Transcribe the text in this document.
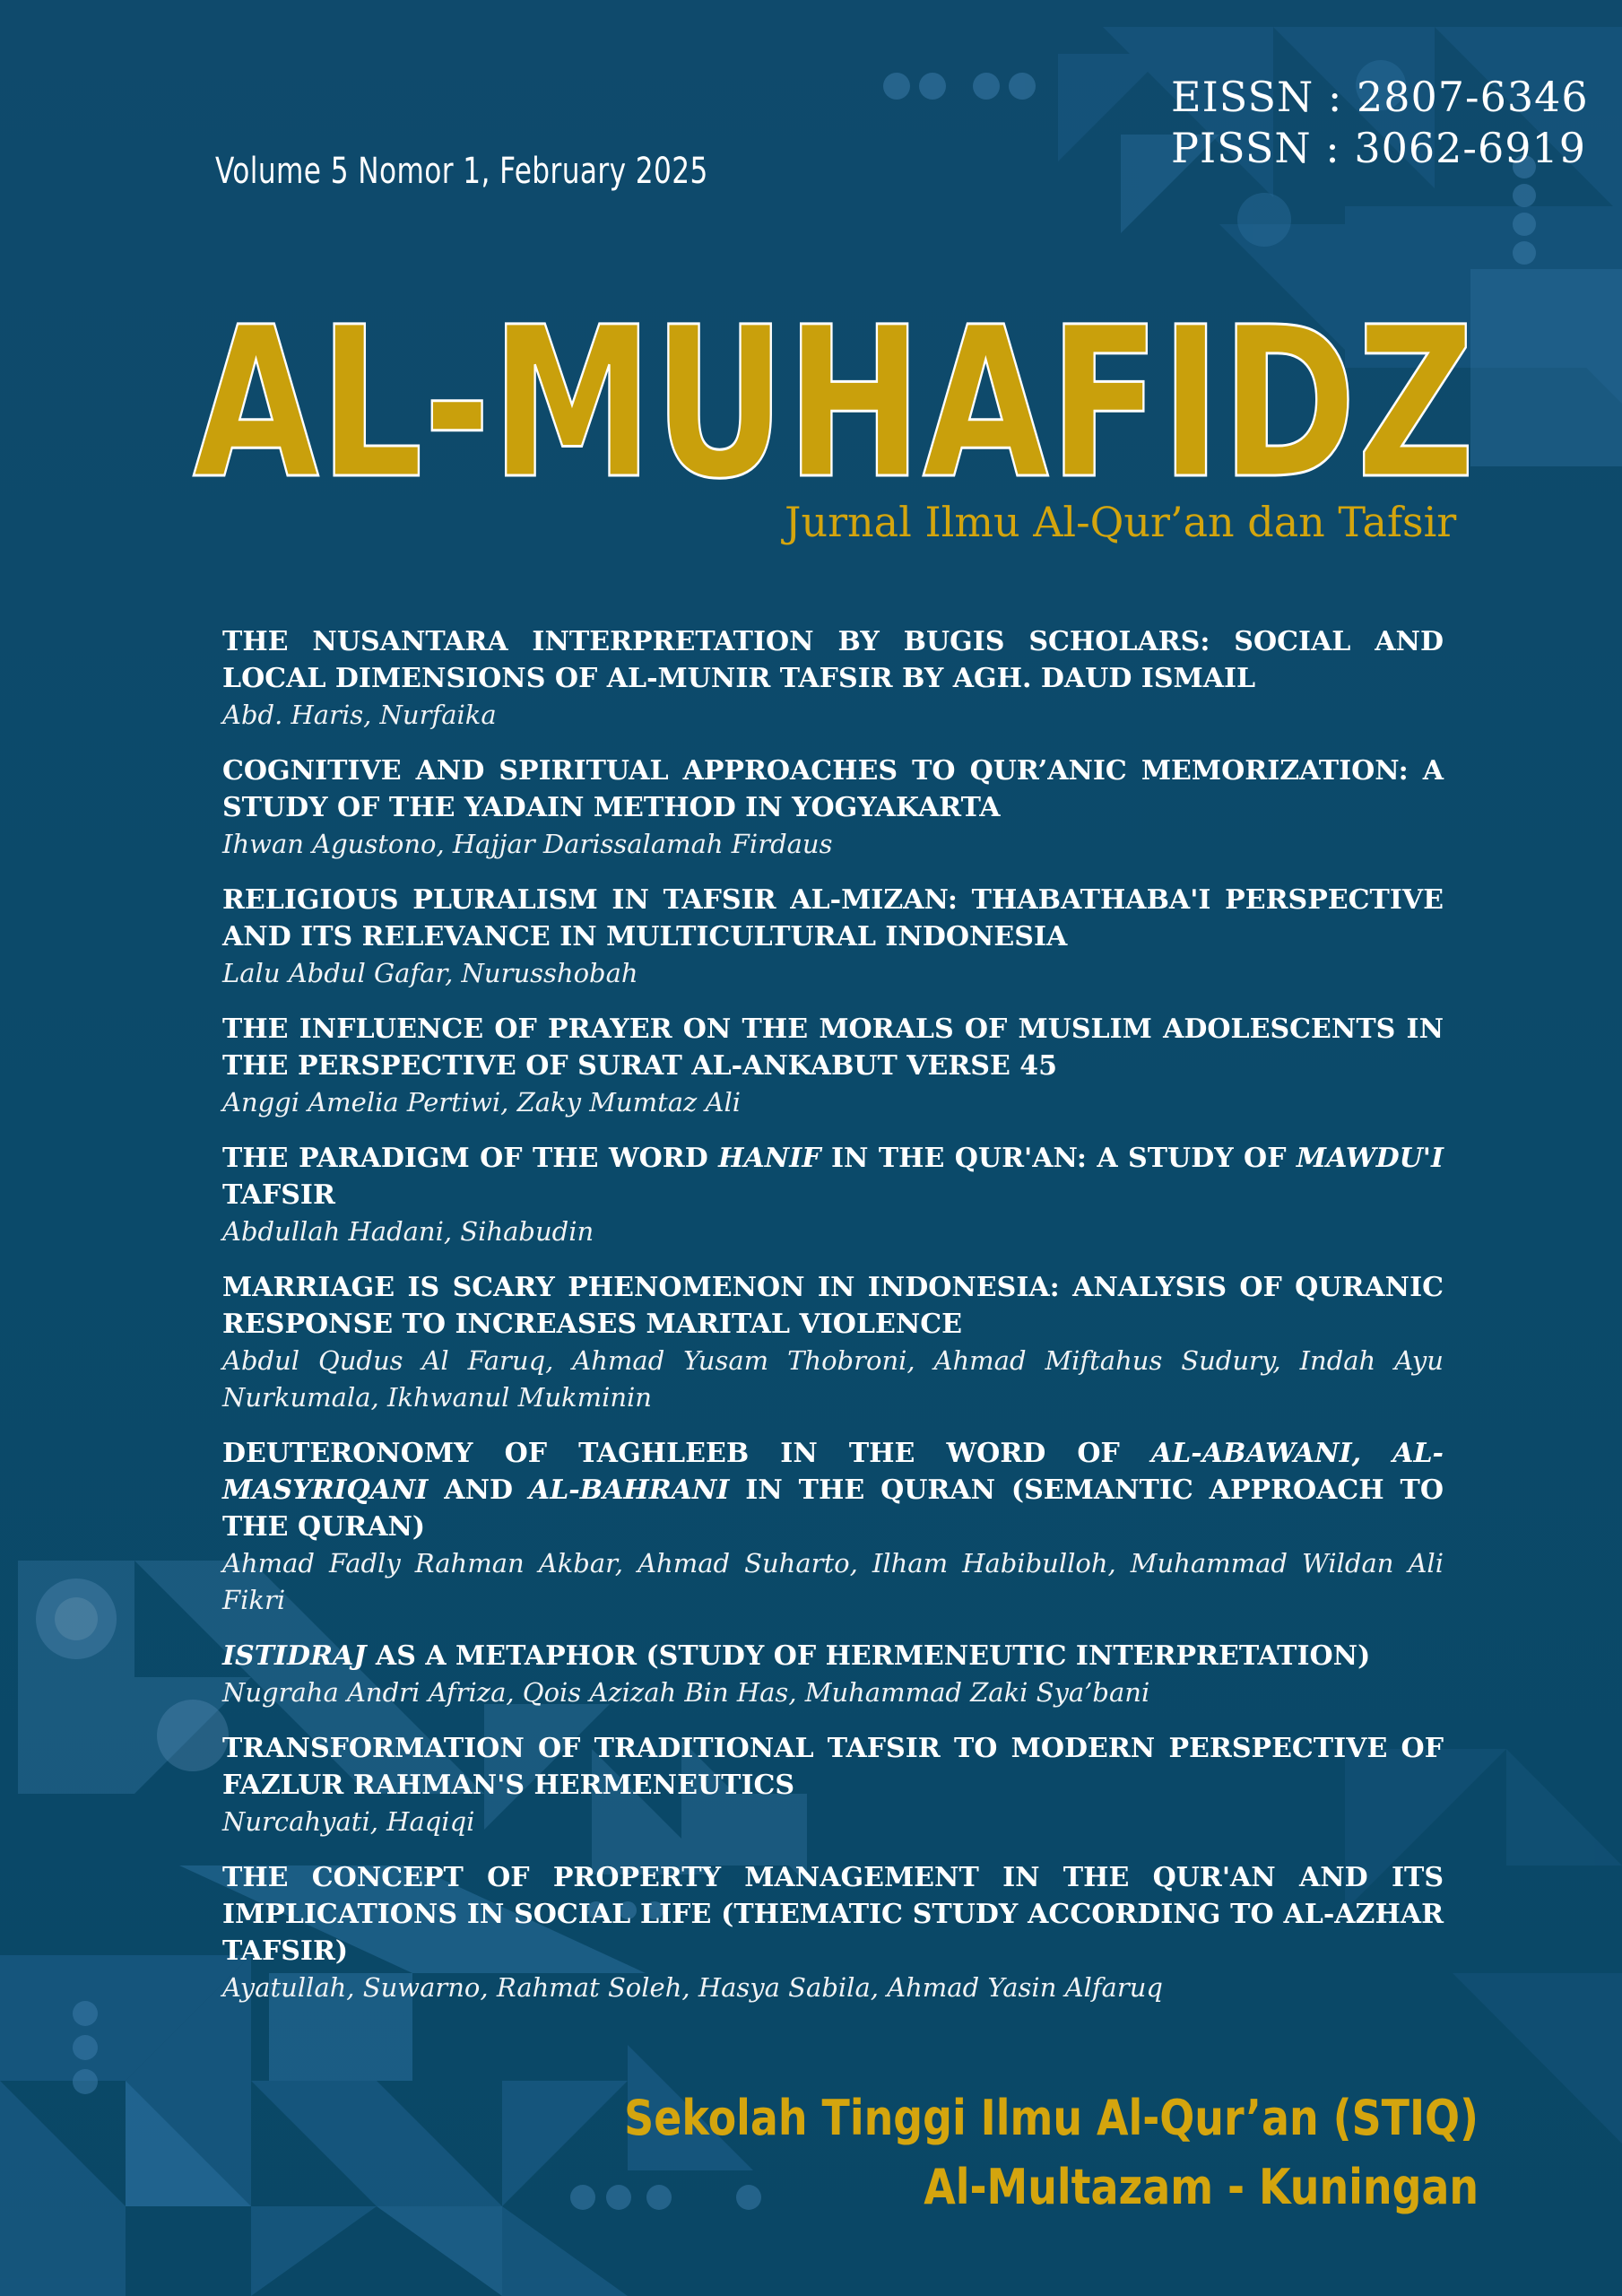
EISSN : 2807-6346
PISSN : 3062-6919
Volume 5 Nomor 1, February 2025
AL-MUHAFIDZ
Jurnal Ilmu Al-Qur’an dan Tafsir
THE NUSANTARA INTERPRETATION BY BUGIS SCHOLARS: SOCIAL AND LOCAL DIMENSIONS OF AL-MUNIR TAFSIR BY AGH. DAUD ISMAIL
Abd. Haris, Nurfaika
COGNITIVE AND SPIRITUAL APPROACHES TO QUR’ANIC MEMORIZATION: A STUDY OF THE YADAIN METHOD IN YOGYAKARTA
Ihwan Agustono, Hajjar Darissalamah Firdaus
RELIGIOUS PLURALISM IN TAFSIR AL-MIZAN: THABATHABA'I PERSPECTIVE AND ITS RELEVANCE IN MULTICULTURAL INDONESIA
Lalu Abdul Gafar, Nurusshobah
THE INFLUENCE OF PRAYER ON THE MORALS OF MUSLIM ADOLESCENTS IN THE PERSPECTIVE OF SURAT AL-ANKABUT VERSE 45
Anggi Amelia Pertiwi, Zaky Mumtaz Ali
THE PARADIGM OF THE WORD HANIF IN THE QUR'AN: A STUDY OF MAWDU'I TAFSIR
Abdullah Hadani, Sihabudin
MARRIAGE IS SCARY PHENOMENON IN INDONESIA: ANALYSIS OF QURANIC RESPONSE TO INCREASES MARITAL VIOLENCE
Abdul Qudus Al Faruq, Ahmad Yusam Thobroni, Ahmad Miftahus Sudury, Indah Ayu Nurkumala, Ikhwanul Mukminin
DEUTERONOMY OF TAGHLEEB IN THE WORD OF AL-ABAWANI, AL-MASYRIQANI AND AL-BAHRANI IN THE QURAN (SEMANTIC APPROACH TO THE QURAN)
Ahmad Fadly Rahman Akbar, Ahmad Suharto, Ilham Habibulloh, Muhammad Wildan Ali Fikri
ISTIDRAJ AS A METAPHOR (STUDY OF HERMENEUTIC INTERPRETATION)
Nugraha Andri Afriza, Qois Azizah Bin Has, Muhammad Zaki Sya’bani
TRANSFORMATION OF TRADITIONAL TAFSIR TO MODERN PERSPECTIVE OF FAZLUR RAHMAN'S HERMENEUTICS
Nurcahyati, Haqiqi
THE CONCEPT OF PROPERTY MANAGEMENT IN THE QUR'AN AND ITS IMPLICATIONS IN SOCIAL LIFE (THEMATIC STUDY ACCORDING TO AL-AZHAR TAFSIR)
Ayatullah, Suwarno, Rahmat Soleh, Hasya Sabila, Ahmad Yasin Alfaruq
Sekolah Tinggi Ilmu Al-Qur’an (STIQ)
Al-Multazam - Kuningan
